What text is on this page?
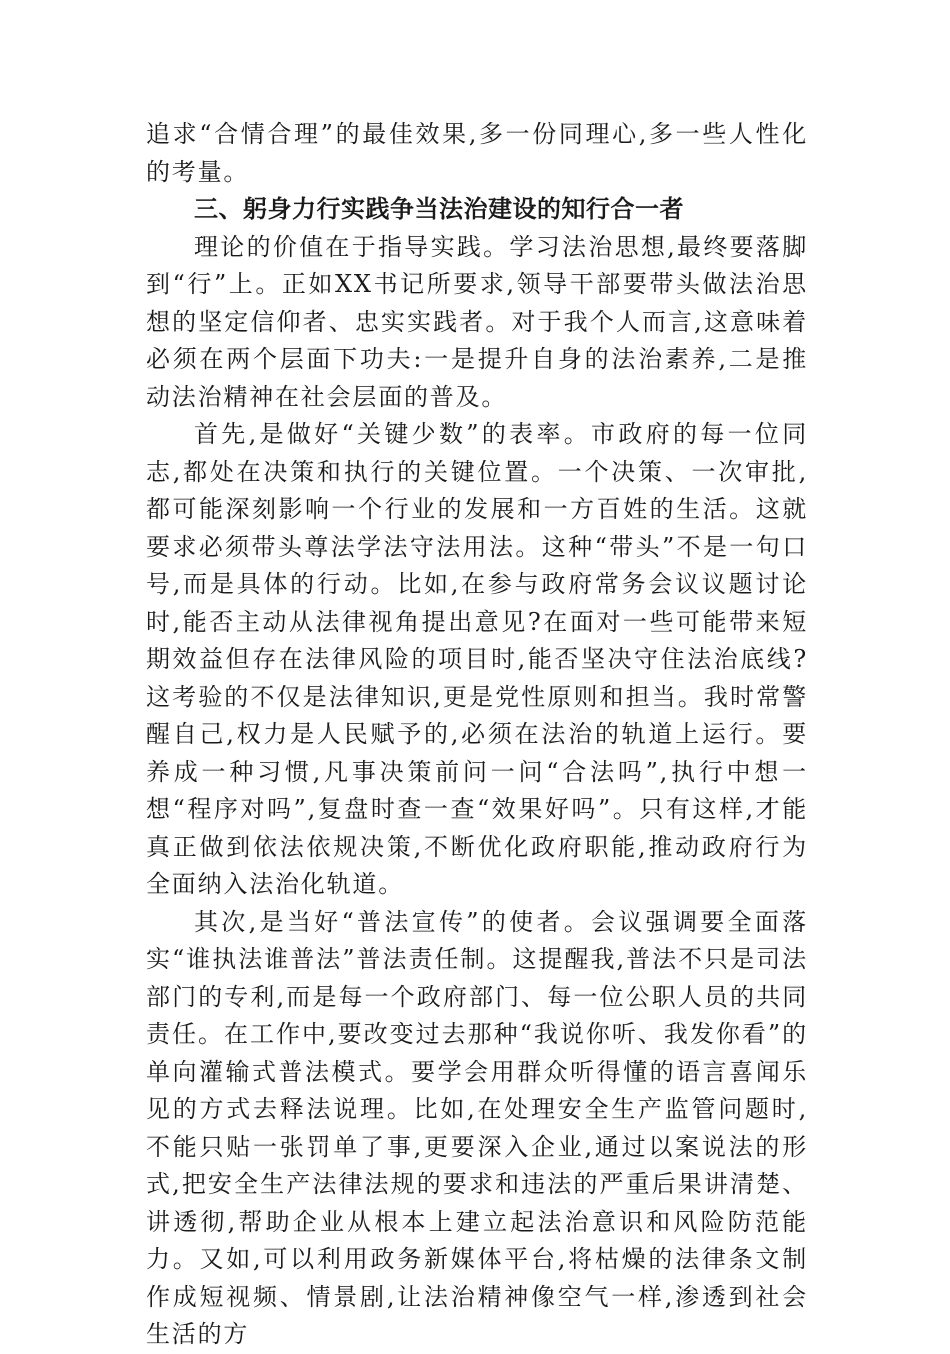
追求“合情合理”的最佳效果,多一份同理心,多一些人性化的考量。

三、躬身力行实践争当法治建设的知行合一者

理论的价值在于指导实践。学习法治思想,最终要落脚到“行”上。正如XX书记所要求,领导干部要带头做法治思想的坚定信仰者、忠实实践者。对于我个人而言,这意味着必须在两个层面下功夫:一是提升自身的法治素养,二是推动法治精神在社会层面的普及。

首先,是做好“关键少数”的表率。市政府的每一位同志,都处在决策和执行的关键位置。一个决策、一次审批,都可能深刻影响一个行业的发展和一方百姓的生活。这就要求必须带头尊法学法守法用法。这种“带头”不是一句口号,而是具体的行动。比如,在参与政府常务会议议题讨论时,能否主动从法律视角提出意见?在面对一些可能带来短期效益但存在法律风险的项目时,能否坚决守住法治底线?这考验的不仅是法律知识,更是党性原则和担当。我时常警醒自己,权力是人民赋予的,必须在法治的轨道上运行。要养成一种习惯,凡事决策前问一问“合法吗”,执行中想一想“程序对吗”,复盘时查一查“效果好吗”。只有这样,才能真正做到依法依规决策,不断优化政府职能,推动政府行为全面纳入法治化轨道。

其次,是当好“普法宣传”的使者。会议强调要全面落实“谁执法谁普法”普法责任制。这提醒我,普法不只是司法部门的专利,而是每一个政府部门、每一位公职人员的共同责任。在工作中,要改变过去那种“我说你听、我发你看”的单向灌输式普法模式。要学会用群众听得懂的语言喜闻乐见的方式去释法说理。比如,在处理安全生产监管问题时,不能只贴一张罚单了事,更要深入企业,通过以案说法的形式,把安全生产法律法规的要求和违法的严重后果讲清楚、讲透彻,帮助企业从根本上建立起法治意识和风险防范能力。又如,可以利用政务新媒体平台,将枯燥的法律条文制作成短视频、情景剧,让法治精神像空气一样,渗透到社会生活的方
